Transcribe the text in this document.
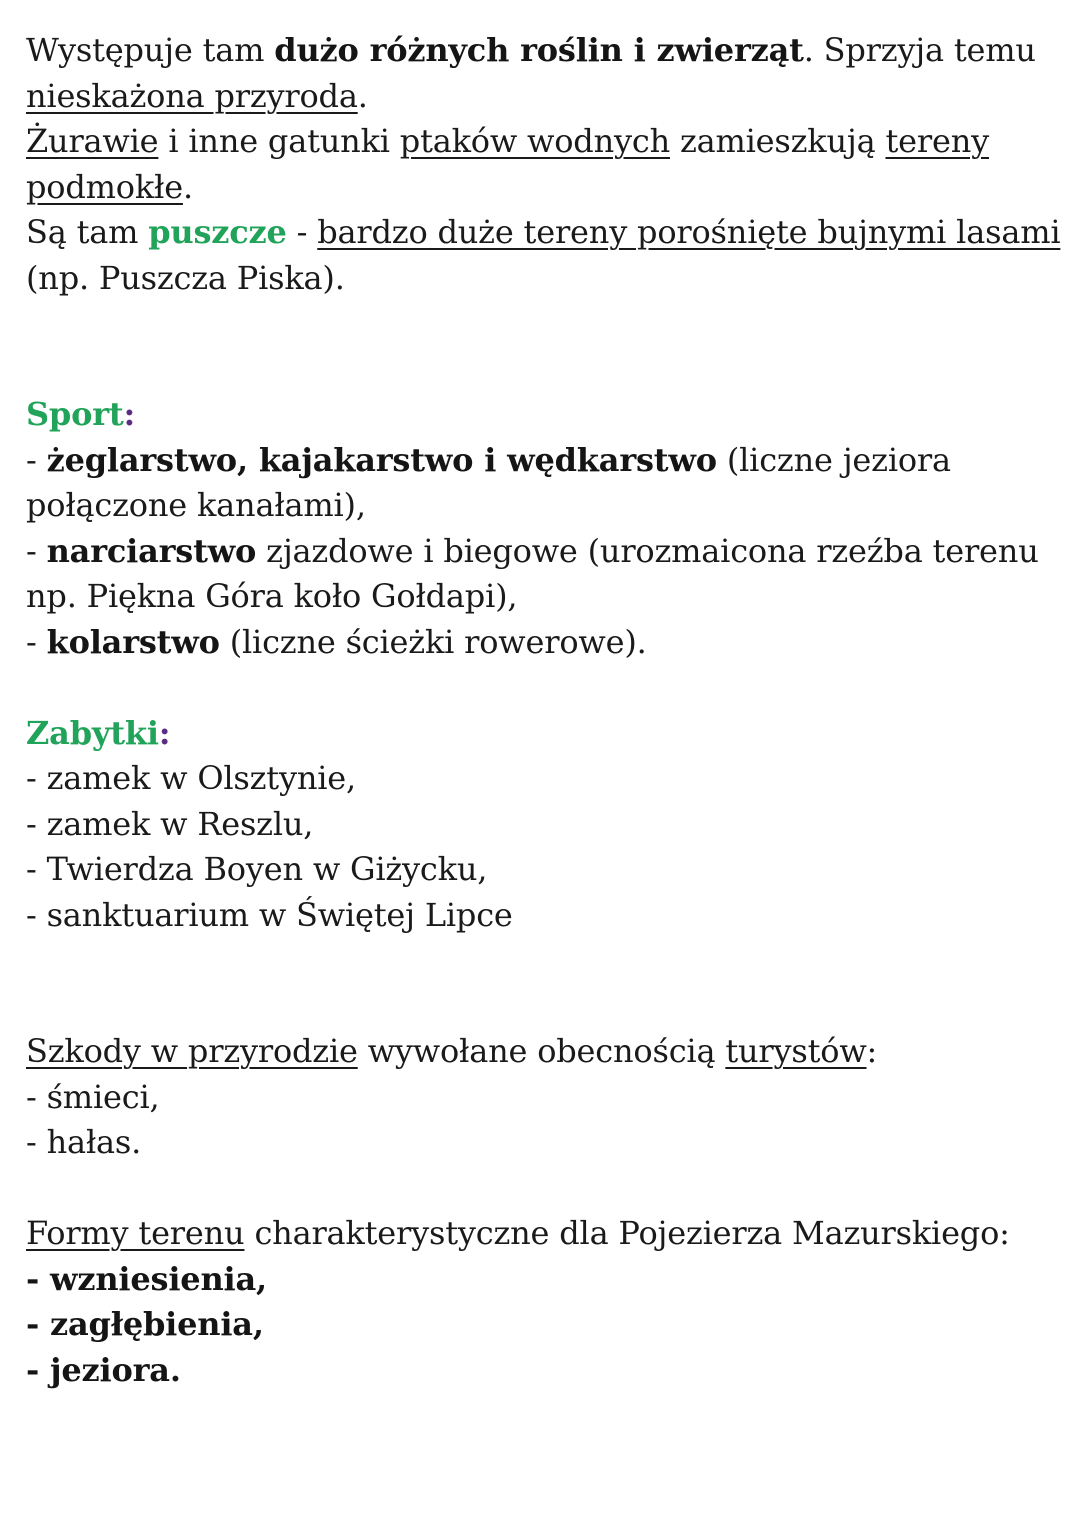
Występuje tam dużo różnych roślin i zwierząt. Sprzyja temu

nieskażona przyroda.

Żurawie i inne gatunki ptaków wodnych zamieszkują tereny

podmokłe.

Są tam puszcze - bardzo duże tereny porośnięte bujnymi lasami

(np. Puszcza Piska).

Sport:

- żeglarstwo, kajakarstwo i wędkarstwo (liczne jeziora

połączone kanałami),

- narciarstwo zjazdowe i biegowe (urozmaicona rzeźba terenu

np. Piękna Góra koło Gołdapi),

- kolarstwo (liczne ścieżki rowerowe).

Zabytki:

- zamek w Olsztynie,

- zamek w Reszlu,

- Twierdza Boyen w Giżycku,

- sanktuarium w Świętej Lipce

Szkody w przyrodzie wywołane obecnością turystów:

- śmieci,

- hałas.

Formy terenu charakterystyczne dla Pojezierza Mazurskiego:

- wzniesienia,

- zagłębienia,

- jeziora.
